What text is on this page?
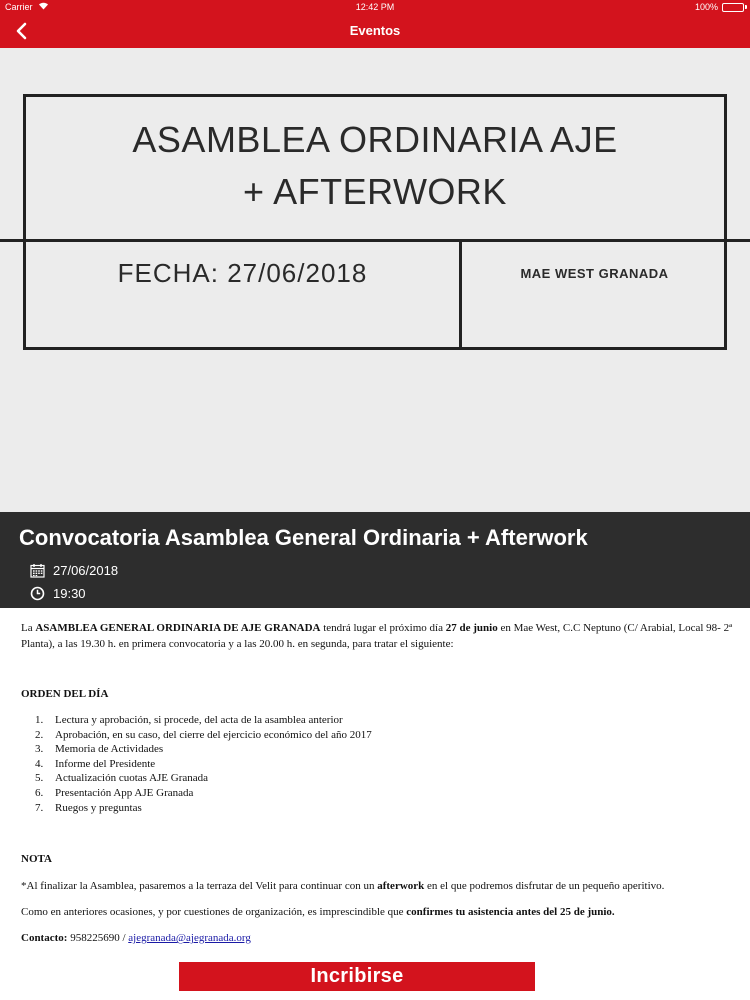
Carrier	12:42 PM	100%
Eventos
ASAMBLEA ORDINARIA AJE
+ AFTERWORK
FECHA: 27/06/2018	MAE WEST GRANADA
Convocatoria Asamblea General Ordinaria + Afterwork
27/06/2018
19:30

La ASAMBLEA GENERAL ORDINARIA DE AJE GRANADA tendrá lugar el próximo día 27 de junio en Mae West, C.C Neptuno (C/ Arabial, Local 98- 2ª Planta), a las 19.30 h. en primera convocatoria y a las 20.00 h. en segunda, para tratar el siguiente:

ORDEN DEL DÍA

1.	Lectura y aprobación, si procede, del acta de la asamblea anterior
2.	Aprobación, en su caso, del cierre del ejercicio económico del año 2017
3.	Memoria de Actividades
4.	Informe del Presidente
5.	Actualización cuotas AJE Granada
6.	Presentación App AJE Granada
7.	Ruegos y preguntas

NOTA

*Al finalizar la Asamblea, pasaremos a la terraza del Velit para continuar con un afterwork en el que podremos disfrutar de un pequeño aperitivo.

Como en anteriores ocasiones, y por cuestiones de organización, es imprescindible que confirmes tu asistencia antes del 25 de junio.

Contacto: 958225690 / ajegranada@ajegranada.org

Incribirse
